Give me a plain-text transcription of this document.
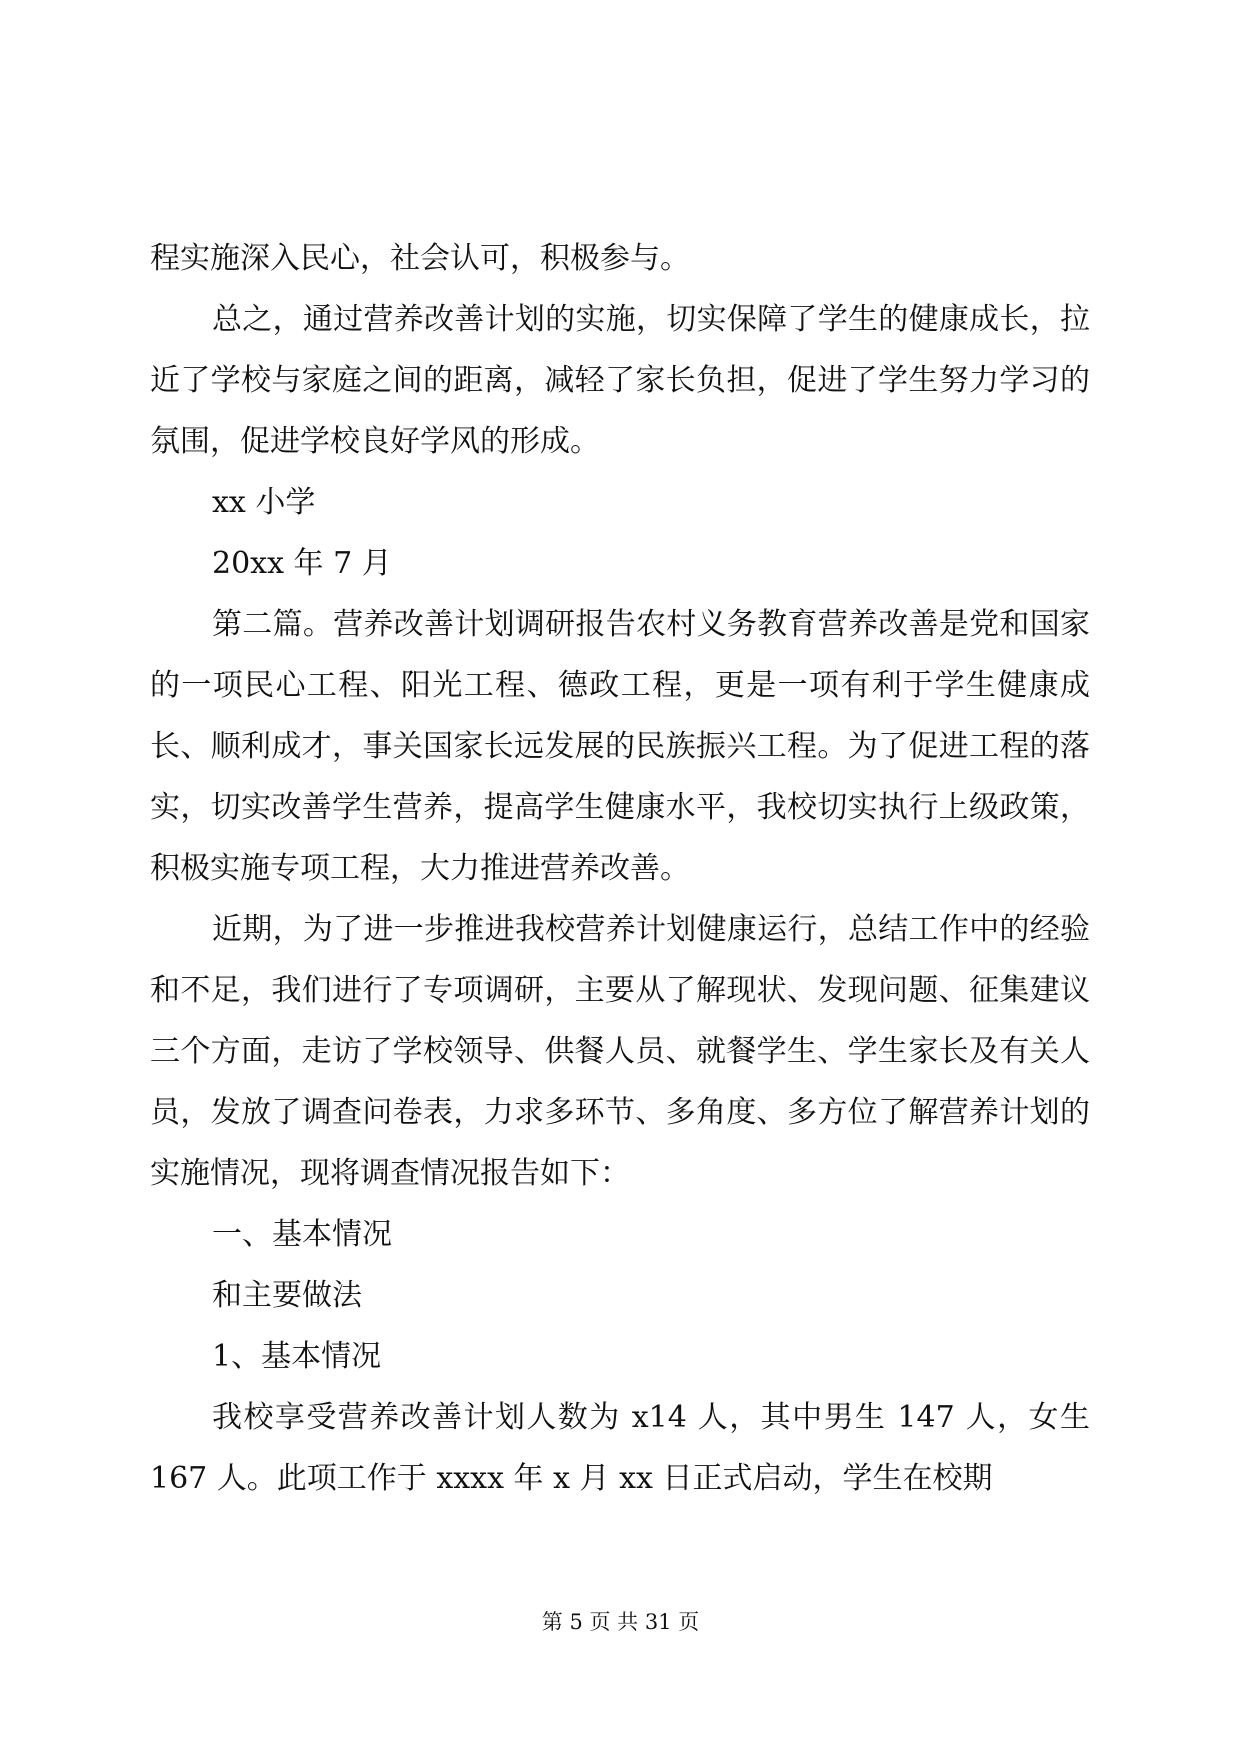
程实施深入民心，社会认可，积极参与。

总之，通过营养改善计划的实施，切实保障了学生的健康成长，拉近了学校与家庭之间的距离，减轻了家长负担，促进了学生努力学习的氛围，促进学校良好学风的形成。

xx 小学

20xx 年 7 月

第二篇。营养改善计划调研报告农村义务教育营养改善是党和国家的一项民心工程、阳光工程、德政工程，更是一项有利于学生健康成长、顺利成才，事关国家长远发展的民族振兴工程。为了促进工程的落实，切实改善学生营养，提高学生健康水平，我校切实执行上级政策，积极实施专项工程，大力推进营养改善。

近期，为了进一步推进我校营养计划健康运行，总结工作中的经验和不足，我们进行了专项调研，主要从了解现状、发现问题、征集建议三个方面，走访了学校领导、供餐人员、就餐学生、学生家长及有关人员，发放了调查问卷表，力求多环节、多角度、多方位了解营养计划的实施情况，现将调查情况报告如下：

一、基本情况

和主要做法

1、基本情况

我校享受营养改善计划人数为 x14 人，其中男生 147 人，女生 167 人。此项工作于 xxxx 年 x 月 xx 日正式启动，学生在校期

第 5 页 共 31 页
